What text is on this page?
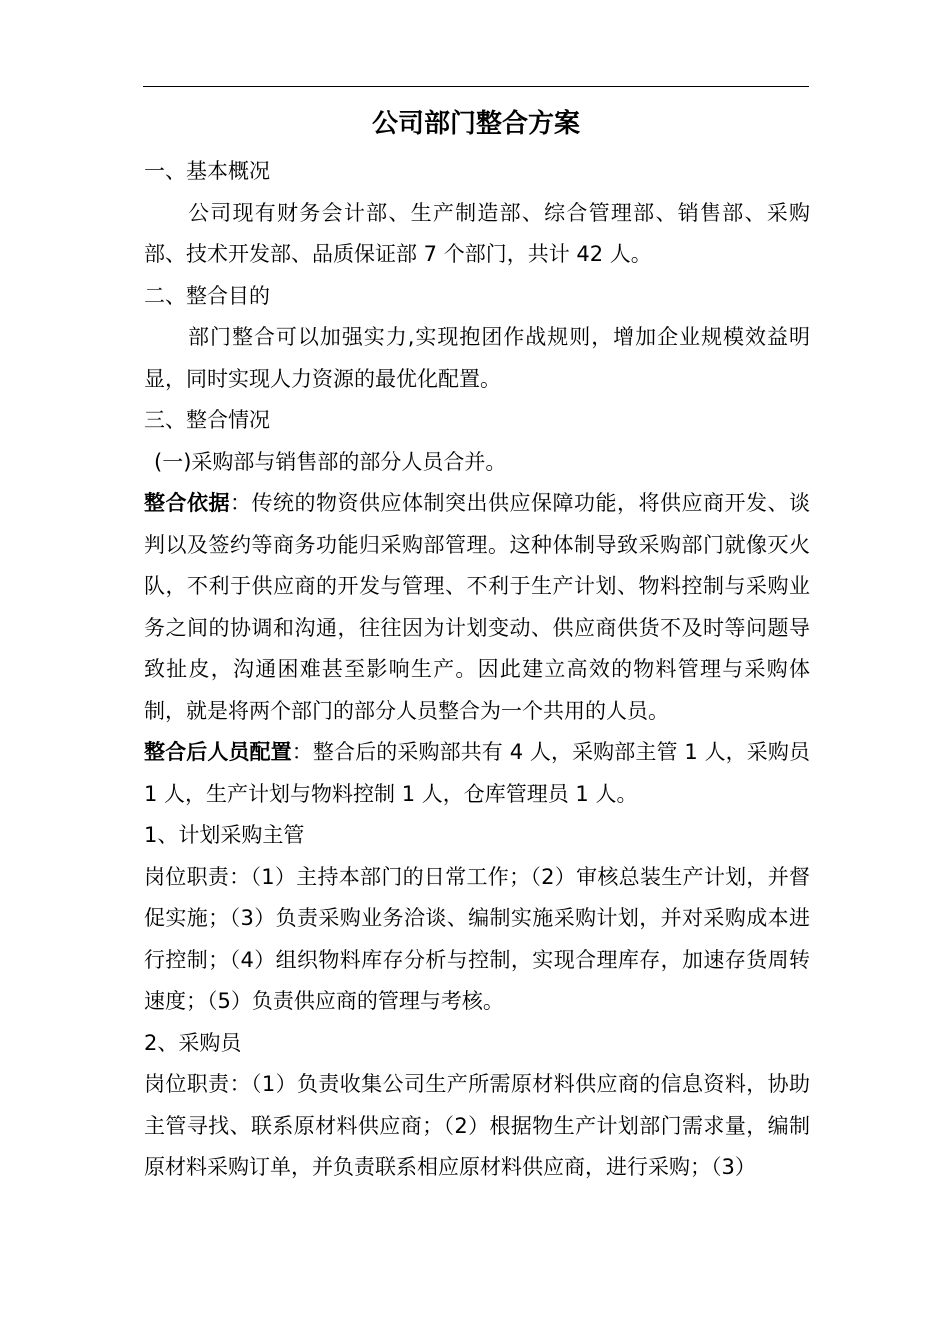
公司部门整合方案

一、基本概况

公司现有财务会计部、生产制造部、综合管理部、销售部、采购部、技术开发部、品质保证部 7 个部门，共计 42 人。

二、整合目的

部门整合可以加强实力,实现抱团作战规则，增加企业规模效益明显，同时实现人力资源的最优化配置。

三、整合情况

(一)采购部与销售部的部分人员合并。

整合依据：传统的物资供应体制突出供应保障功能，将供应商开发、谈判以及签约等商务功能归采购部管理。这种体制导致采购部门就像灭火队，不利于供应商的开发与管理、不利于生产计划、物料控制与采购业务之间的协调和沟通，往往因为计划变动、供应商供货不及时等问题导致扯皮，沟通困难甚至影响生产。因此建立高效的物料管理与采购体制，就是将两个部门的部分人员整合为一个共用的人员。

整合后人员配置：整合后的采购部共有 4 人，采购部主管 1 人，采购员 1 人，生产计划与物料控制 1 人，仓库管理员 1 人。

1、计划采购主管

岗位职责：（1）主持本部门的日常工作；（2）审核总装生产计划，并督促实施；（3）负责采购业务洽谈、编制实施采购计划，并对采购成本进行控制；（4）组织物料库存分析与控制，实现合理库存，加速存货周转速度；（5）负责供应商的管理与考核。

2、采购员

岗位职责：（1）负责收集公司生产所需原材料供应商的信息资料，协助主管寻找、联系原材料供应商；（2）根据物生产计划部门需求量，编制原材料采购订单，并负责联系相应原材料供应商，进行采购；（3）
